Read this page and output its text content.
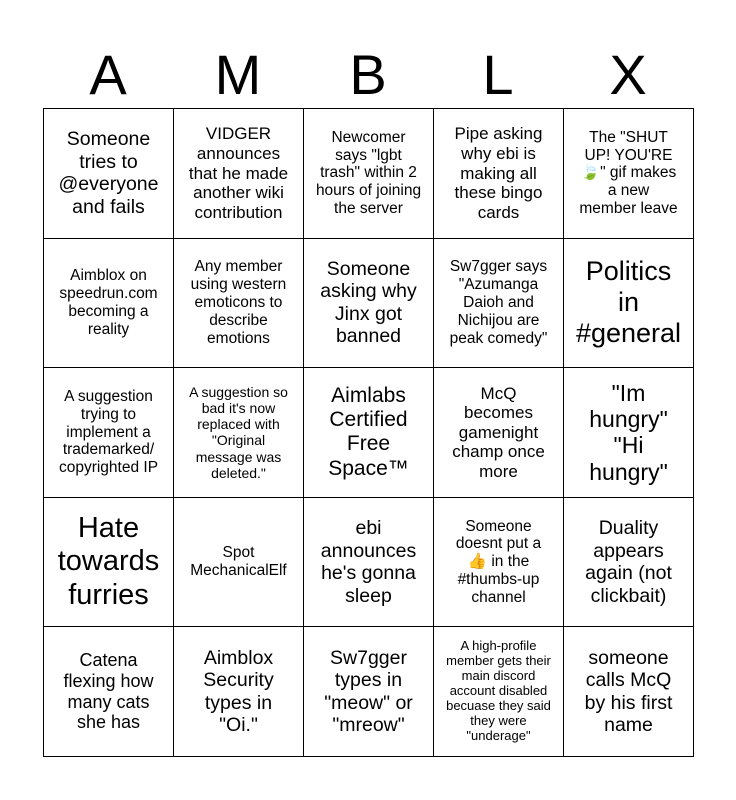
A	M	B	L	X
Someone
tries to
@everyone
and fails
VIDGER
announces
that he made
another wiki
contribution
Newcomer
says "lgbt
trash" within 2
hours of joining
the server
Pipe asking
why ebi is
making all
these bingo
cards
The "SHUT
UP! YOU'RE
🍃" gif makes
a new
member leave
Aimblox on
speedrun.com
becoming a
reality
Any member
using western
emoticons to
describe
emotions
Someone
asking why
Jinx got
banned
Sw7gger says
"Azumanga
Daioh and
Nichijou are
peak comedy"
Politics
in
#general
A suggestion
trying to
implement a
trademarked/
copyrighted IP
A suggestion so
bad it's now
replaced with
"Original
message was
deleted."
Aimlabs
Certified
Free
Space™
McQ
becomes
gamenight
champ once
more
"Im
hungry"
"Hi
hungry"
Hate
towards
furries
Spot
MechanicalElf
ebi
announces
he's gonna
sleep
Someone
doesnt put a
👍 in the
#thumbs-up
channel
Duality
appears
again (not
clickbait)
Catena
flexing how
many cats
she has
Aimblox
Security
types in
"Oi."
Sw7gger
types in
"meow" or
"mreow"
A high-profile
member gets their
main discord
account disabled
becuase they said
they were
"underage"
someone
calls McQ
by his first
name
